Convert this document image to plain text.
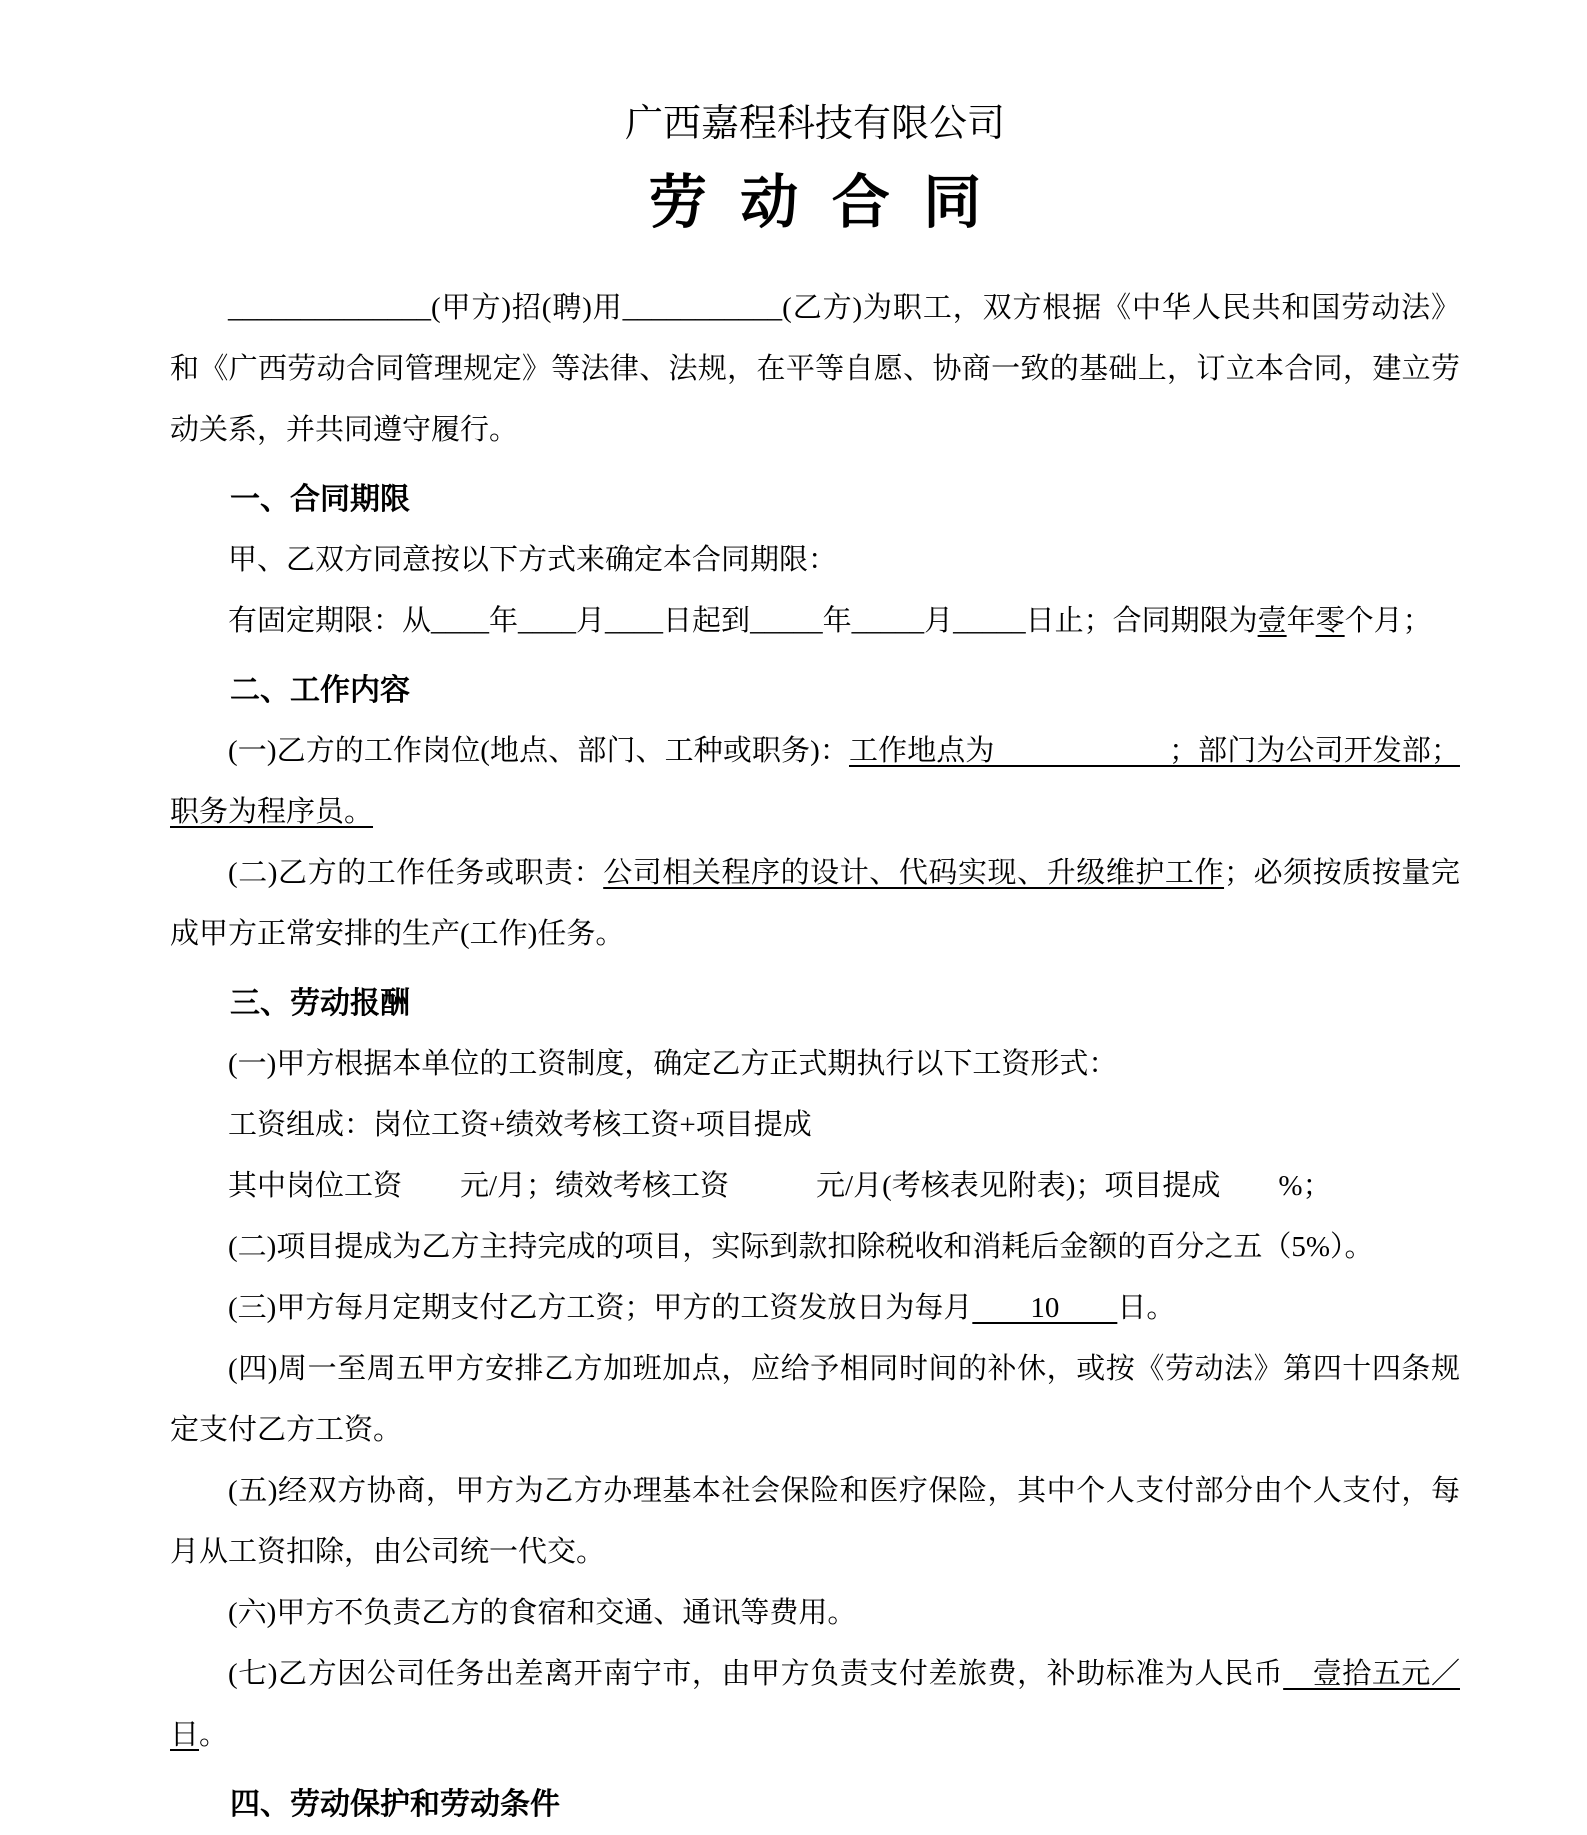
广西嘉程科技有限公司
劳 动 合 同

______________(甲方)招(聘)用___________(乙方)为职工，双方根据《中华人民共和国劳动法》和《广西劳动合同管理规定》等法律、法规，在平等自愿、协商一致的基础上，订立本合同，建立劳动关系，并共同遵守履行。

一、合同期限

甲、乙双方同意按以下方式来确定本合同期限：

有固定期限：从____年____月____日起到_____年_____月_____日止；合同期限为壹年零个月；

二、工作内容

(一)乙方的工作岗位(地点、部门、工种或职务)：工作地点为　　　　　　；部门为公司开发部；职务为程序员。

(二)乙方的工作任务或职责：公司相关程序的设计、代码实现、升级维护工作；必须按质按量完成甲方正常安排的生产(工作)任务。

三、劳动报酬

(一)甲方根据本单位的工资制度，确定乙方正式期执行以下工资形式：

工资组成：岗位工资+绩效考核工资+项目提成

其中岗位工资　　元/月；绩效考核工资　　　元/月(考核表见附表)；项目提成　　%；

(二)项目提成为乙方主持完成的项目，实际到款扣除税收和消耗后金额的百分之五（5%）。

(三)甲方每月定期支付乙方工资；甲方的工资发放日为每月　　10　　日。

(四)周一至周五甲方安排乙方加班加点，应给予相同时间的补休，或按《劳动法》第四十四条规定支付乙方工资。

(五)经双方协商，甲方为乙方办理基本社会保险和医疗保险，其中个人支付部分由个人支付，每月从工资扣除，由公司统一代交。

(六)甲方不负责乙方的食宿和交通、通讯等费用。

(七)乙方因公司任务出差离开南宁市，由甲方负责支付差旅费，补助标准为人民币　壹拾五元／日。

四、劳动保护和劳动条件
